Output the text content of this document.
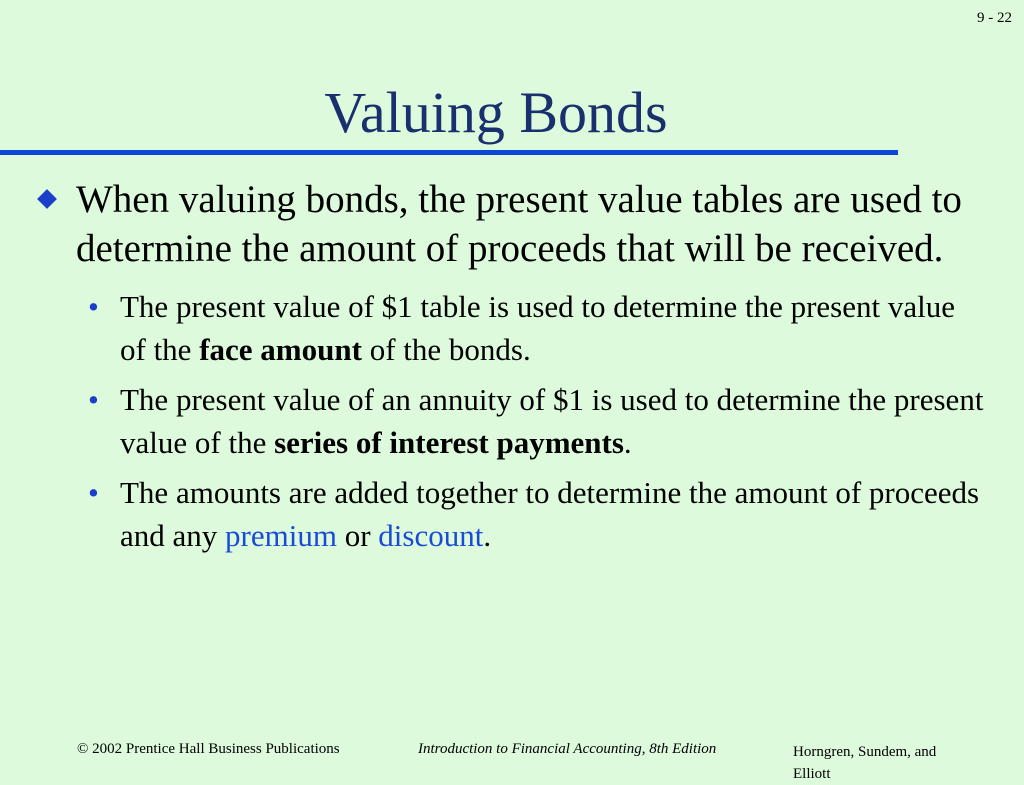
9 - 22
Valuing Bonds

When valuing bonds, the present value tables are used to determine the amount of proceeds that will be received.

• The present value of $1 table is used to determine the present value of the face amount of the bonds.
• The present value of an annuity of $1 is used to determine the present value of the series of interest payments.
• The amounts are added together to determine the amount of proceeds and any premium or discount.
© 2002 Prentice Hall Business Publications	Introduction to Financial Accounting, 8th Edition	Horngren, Sundem, and Elliott
